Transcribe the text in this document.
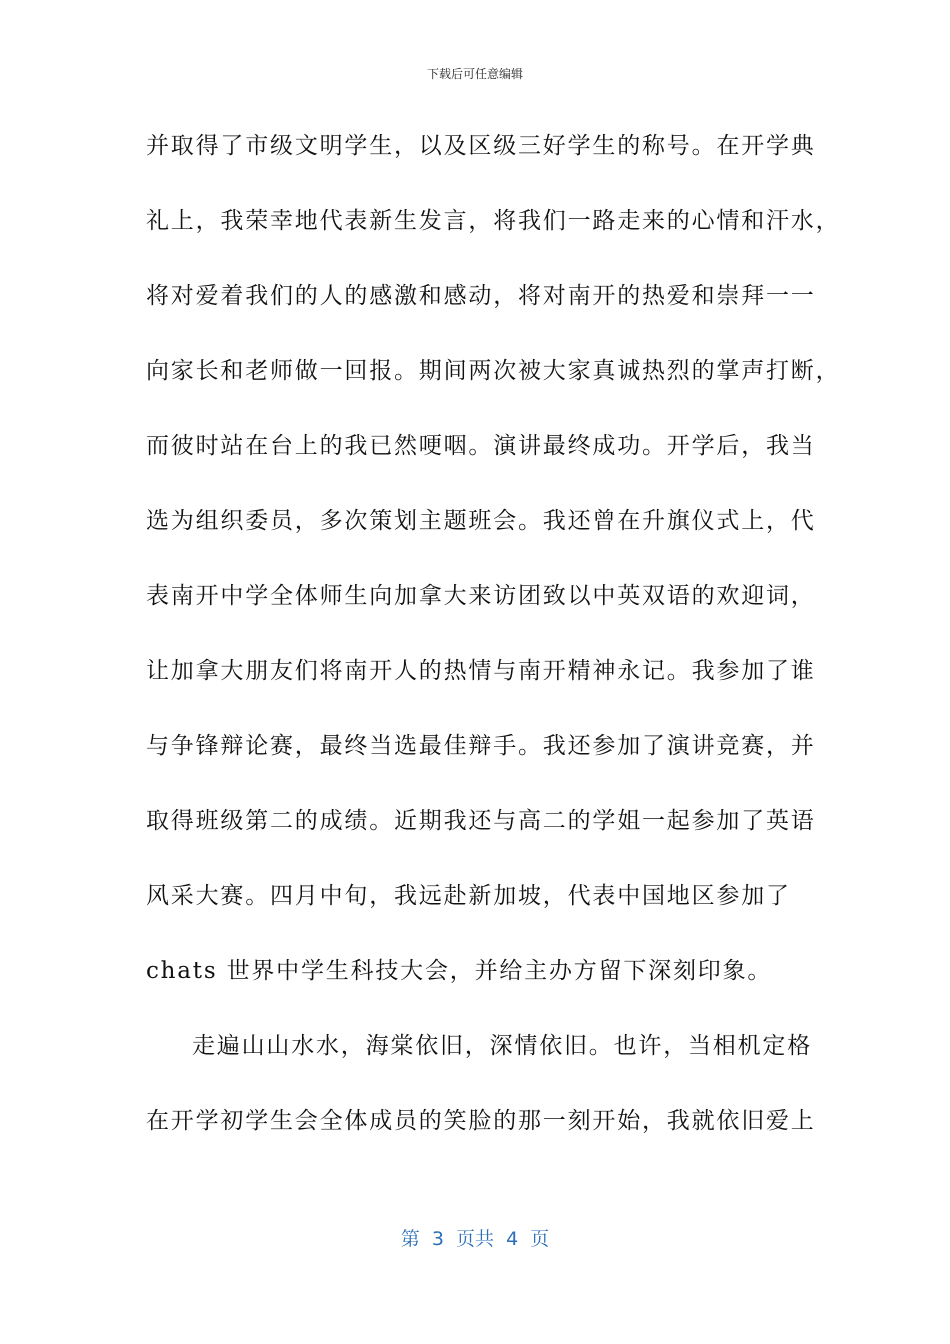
下载后可任意编辑
并取得了市级文明学生，以及区级三好学生的称号。在开学典
礼上，我荣幸地代表新生发言，将我们一路走来的心情和汗水，
将对爱着我们的人的感激和感动，将对南开的热爱和崇拜一一
向家长和老师做一回报。期间两次被大家真诚热烈的掌声打断，
而彼时站在台上的我已然哽咽。演讲最终成功。开学后，我当
选为组织委员，多次策划主题班会。我还曾在升旗仪式上，代
表南开中学全体师生向加拿大来访团致以中英双语的欢迎词，
让加拿大朋友们将南开人的热情与南开精神永记。我参加了谁
与争锋辩论赛，最终当选最佳辩手。我还参加了演讲竞赛，并
取得班级第二的成绩。近期我还与高二的学姐一起参加了英语
风采大赛。四月中旬，我远赴新加坡，代表中国地区参加了
chats 世界中学生科技大会，并给主办方留下深刻印象。
走遍山山水水，海棠依旧，深情依旧。也许，当相机定格
在开学初学生会全体成员的笑脸的那一刻开始，我就依旧爱上
第  3  页共  4  页
